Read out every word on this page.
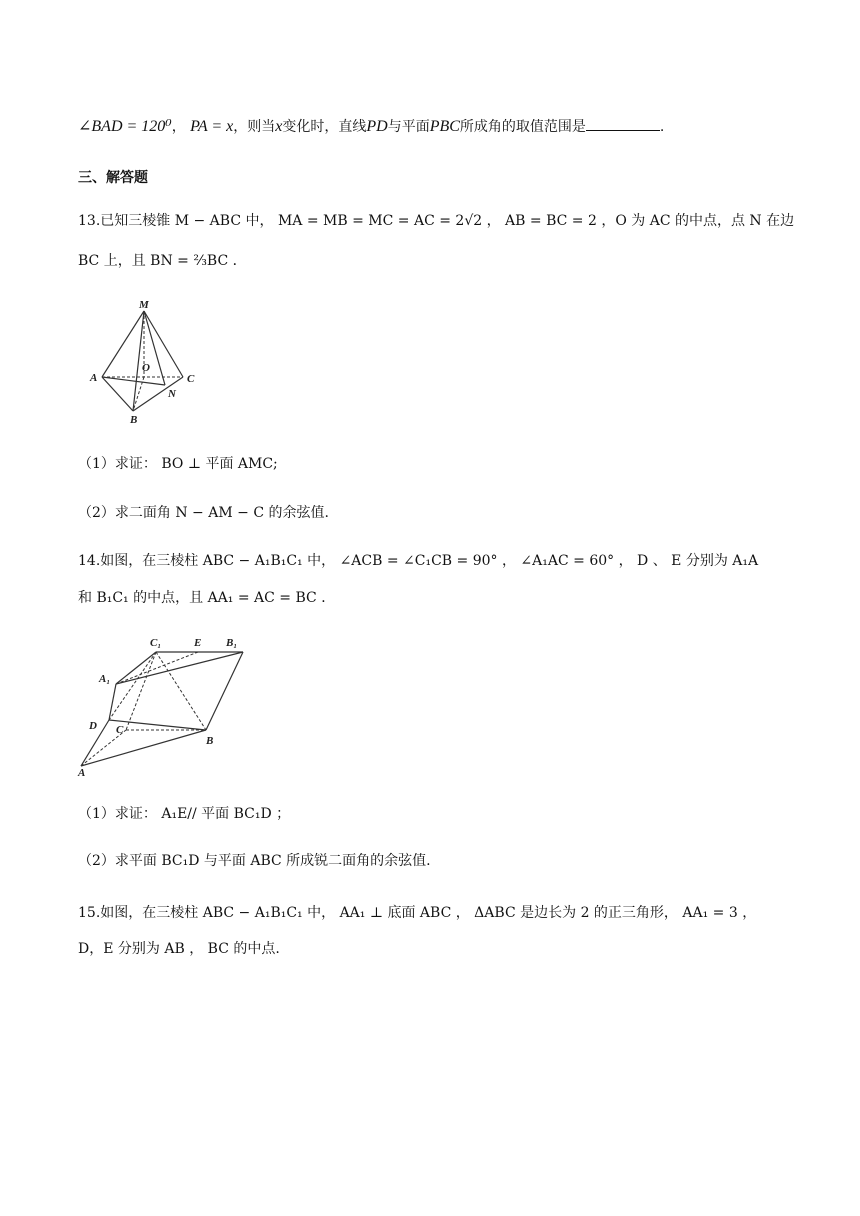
∠BAD = 120⁰， PA = x，则当x变化时，直线PD与平面PBC所成角的取值范围是	.
三、解答题
13.已知三棱锥 M − ABC 中， MA = MB = MC = AC = 2√2 ， AB = BC = 2 ，O 为 AC 的中点，点 N 在边
BC 上，且 BN = ⅔BC ．
M
A
O
C
N
B
（1）求证： BO ⊥ 平面 AMC;
（2）求二面角 N − AM − C 的余弦值.
14.如图，在三棱柱 ABC − A₁B₁C₁ 中， ∠ACB = ∠C₁CB = 90° ， ∠A₁AC = 60° ， D 、 E 分别为 A₁A
和 B₁C₁ 的中点，且 AA₁ = AC = BC ．
C₁	E B₁
A₁
D C
B
A
（1）求证： A₁E// 平面 BC₁D ；
（2）求平面 BC₁D 与平面 ABC 所成锐二面角的余弦值.
15.如图，在三棱柱 ABC − A₁B₁C₁ 中， AA₁ ⊥ 底面 ABC ， ΔABC 是边长为 2 的正三角形， AA₁ = 3 ，
D，E 分别为 AB ， BC 的中点.
